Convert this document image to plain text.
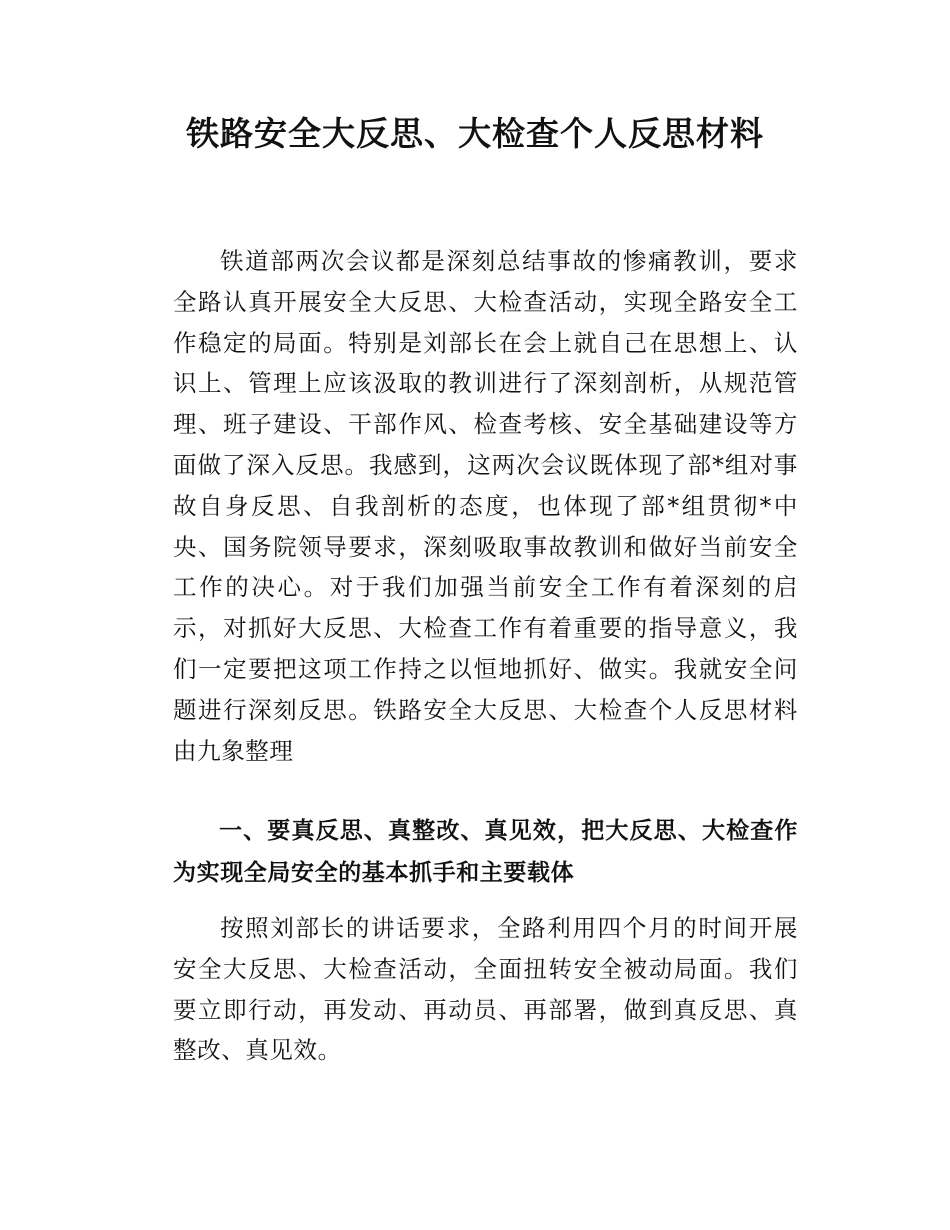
铁路安全大反思、大检查个人反思材料

铁道部两次会议都是深刻总结事故的惨痛教训，要求全路认真开展安全大反思、大检查活动，实现全路安全工作稳定的局面。特别是刘部长在会上就自己在思想上、认识上、管理上应该汲取的教训进行了深刻剖析，从规范管理、班子建设、干部作风、检查考核、安全基础建设等方面做了深入反思。我感到，这两次会议既体现了部*组对事故自身反思、自我剖析的态度，也体现了部*组贯彻*中央、国务院领导要求，深刻吸取事故教训和做好当前安全工作的决心。对于我们加强当前安全工作有着深刻的启示，对抓好大反思、大检查工作有着重要的指导意义，我们一定要把这项工作持之以恒地抓好、做实。我就安全问题进行深刻反思。铁路安全大反思、大检查个人反思材料由九象整理

一、要真反思、真整改、真见效，把大反思、大检查作为实现全局安全的基本抓手和主要载体

按照刘部长的讲话要求，全路利用四个月的时间开展安全大反思、大检查活动，全面扭转安全被动局面。我们要立即行动，再发动、再动员、再部署，做到真反思、真整改、真见效。
